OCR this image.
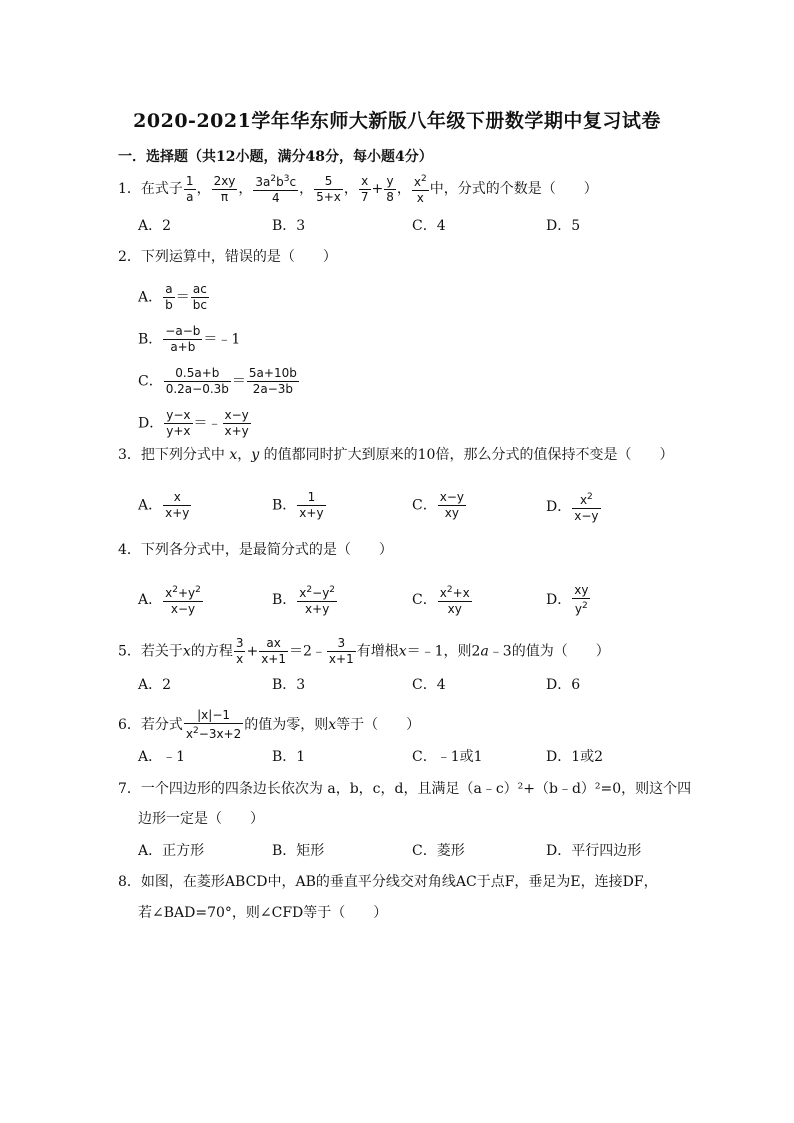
2020-2021学年华东师大新版八年级下册数学期中复习试卷
一．选择题（共12小题，满分48分，每小题4分）
1．在式子 $\frac{1}{a}$ ， $\frac{2xy}{\pi}$ ， $\frac{3a^2b^3c}{4}$ ， $\frac{5}{5+x}$ ， $\frac{x}{7} + \frac{y}{8}$ ， $\frac{x^2}{x}$ 中，分式的个数是（　　）
A．2	B．3	C．4	D．5
2．下列运算中，错误的是（　　）
A． $\frac{a}{b} = \frac{ac}{bc}$
B． $\frac{-a-b}{a+b}$ ＝﹣1
C． $\frac{0.5a+b}{0.2a-0.3b} = \frac{5a+10b}{2a-3b}$
D． $\frac{y-x}{y+x}$ ＝﹣ $\frac{x-y}{x+y}$
3．把下列分式中 x，y 的值都同时扩大到原来的10倍，那么分式的值保持不变是（　　）
A． $\frac{x}{x+y}$	B． $\frac{1}{x+y}$	C． $\frac{x-y}{xy}$	D． $\frac{x^2}{x-y}$
4．下列各分式中，是最简分式的是（　　）
A． $\frac{x^2+y^2}{x-y}$	B． $\frac{x^2-y^2}{x+y}$	C． $\frac{x^2+x}{xy}$	D． $\frac{xy}{y^2}$
5．若关于x的方程 $\frac{3}{x} + \frac{ax}{x+1}$ ＝2﹣ $\frac{3}{x+1}$ 有增根x＝﹣1，则2a﹣3的值为（　　）
A．2	B．3	C．4	D．6
6．若分式 $\frac{|x|-1}{x^2-3x+2}$ 的值为零，则x等于（　　）
A．﹣1	B．1	C．﹣1或1	D．1或2
7．一个四边形的四条边长依次为 a，b，c，d，且满足（a﹣c）²+（b﹣d）²=0，则这个四
边形一定是（　　）
A．正方形	B．矩形	C．菱形	D．平行四边形
8．如图，在菱形ABCD中，AB的垂直平分线交对角线AC于点F，垂足为E，连接DF，
若∠BAD=70°，则∠CFD等于（　　）
